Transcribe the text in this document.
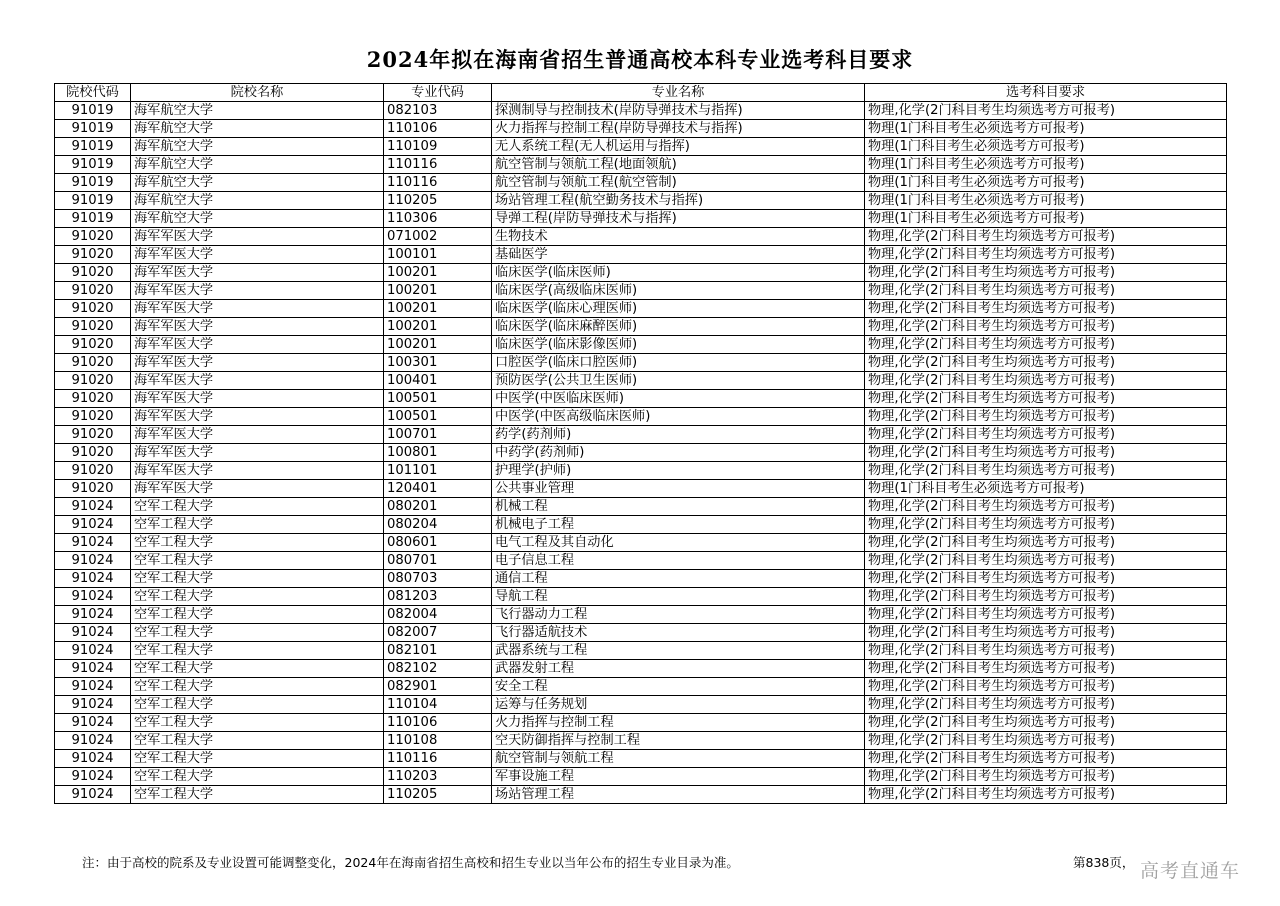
2024年拟在海南省招生普通高校本科专业选考科目要求
院校代码	院校名称	专业代码	专业名称	选考科目要求
91019	海军航空大学	082103	探测制导与控制技术(岸防导弹技术与指挥)	物理,化学(2门科目考生均须选考方可报考)
91019	海军航空大学	110106	火力指挥与控制工程(岸防导弹技术与指挥)	物理(1门科目考生必须选考方可报考)
91019	海军航空大学	110109	无人系统工程(无人机运用与指挥)	物理(1门科目考生必须选考方可报考)
91019	海军航空大学	110116	航空管制与领航工程(地面领航)	物理(1门科目考生必须选考方可报考)
91019	海军航空大学	110116	航空管制与领航工程(航空管制)	物理(1门科目考生必须选考方可报考)
91019	海军航空大学	110205	场站管理工程(航空勤务技术与指挥)	物理(1门科目考生必须选考方可报考)
91019	海军航空大学	110306	导弹工程(岸防导弹技术与指挥)	物理(1门科目考生必须选考方可报考)
91020	海军军医大学	071002	生物技术	物理,化学(2门科目考生均须选考方可报考)
91020	海军军医大学	100101	基础医学	物理,化学(2门科目考生均须选考方可报考)
91020	海军军医大学	100201	临床医学(临床医师)	物理,化学(2门科目考生均须选考方可报考)
91020	海军军医大学	100201	临床医学(高级临床医师)	物理,化学(2门科目考生均须选考方可报考)
91020	海军军医大学	100201	临床医学(临床心理医师)	物理,化学(2门科目考生均须选考方可报考)
91020	海军军医大学	100201	临床医学(临床麻醉医师)	物理,化学(2门科目考生均须选考方可报考)
91020	海军军医大学	100201	临床医学(临床影像医师)	物理,化学(2门科目考生均须选考方可报考)
91020	海军军医大学	100301	口腔医学(临床口腔医师)	物理,化学(2门科目考生均须选考方可报考)
91020	海军军医大学	100401	预防医学(公共卫生医师)	物理,化学(2门科目考生均须选考方可报考)
91020	海军军医大学	100501	中医学(中医临床医师)	物理,化学(2门科目考生均须选考方可报考)
91020	海军军医大学	100501	中医学(中医高级临床医师)	物理,化学(2门科目考生均须选考方可报考)
91020	海军军医大学	100701	药学(药剂师)	物理,化学(2门科目考生均须选考方可报考)
91020	海军军医大学	100801	中药学(药剂师)	物理,化学(2门科目考生均须选考方可报考)
91020	海军军医大学	101101	护理学(护师)	物理,化学(2门科目考生均须选考方可报考)
91020	海军军医大学	120401	公共事业管理	物理(1门科目考生必须选考方可报考)
91024	空军工程大学	080201	机械工程	物理,化学(2门科目考生均须选考方可报考)
91024	空军工程大学	080204	机械电子工程	物理,化学(2门科目考生均须选考方可报考)
91024	空军工程大学	080601	电气工程及其自动化	物理,化学(2门科目考生均须选考方可报考)
91024	空军工程大学	080701	电子信息工程	物理,化学(2门科目考生均须选考方可报考)
91024	空军工程大学	080703	通信工程	物理,化学(2门科目考生均须选考方可报考)
91024	空军工程大学	081203	导航工程	物理,化学(2门科目考生均须选考方可报考)
91024	空军工程大学	082004	飞行器动力工程	物理,化学(2门科目考生均须选考方可报考)
91024	空军工程大学	082007	飞行器适航技术	物理,化学(2门科目考生均须选考方可报考)
91024	空军工程大学	082101	武器系统与工程	物理,化学(2门科目考生均须选考方可报考)
91024	空军工程大学	082102	武器发射工程	物理,化学(2门科目考生均须选考方可报考)
91024	空军工程大学	082901	安全工程	物理,化学(2门科目考生均须选考方可报考)
91024	空军工程大学	110104	运筹与任务规划	物理,化学(2门科目考生均须选考方可报考)
91024	空军工程大学	110106	火力指挥与控制工程	物理,化学(2门科目考生均须选考方可报考)
91024	空军工程大学	110108	空天防御指挥与控制工程	物理,化学(2门科目考生均须选考方可报考)
91024	空军工程大学	110116	航空管制与领航工程	物理,化学(2门科目考生均须选考方可报考)
91024	空军工程大学	110203	军事设施工程	物理,化学(2门科目考生均须选考方可报考)
91024	空军工程大学	110205	场站管理工程	物理,化学(2门科目考生均须选考方可报考)
注：由于高校的院系及专业设置可能调整变化，2024年在海南省招生高校和招生专业以当年公布的招生专业目录为准。	第838页， 高考直通车
